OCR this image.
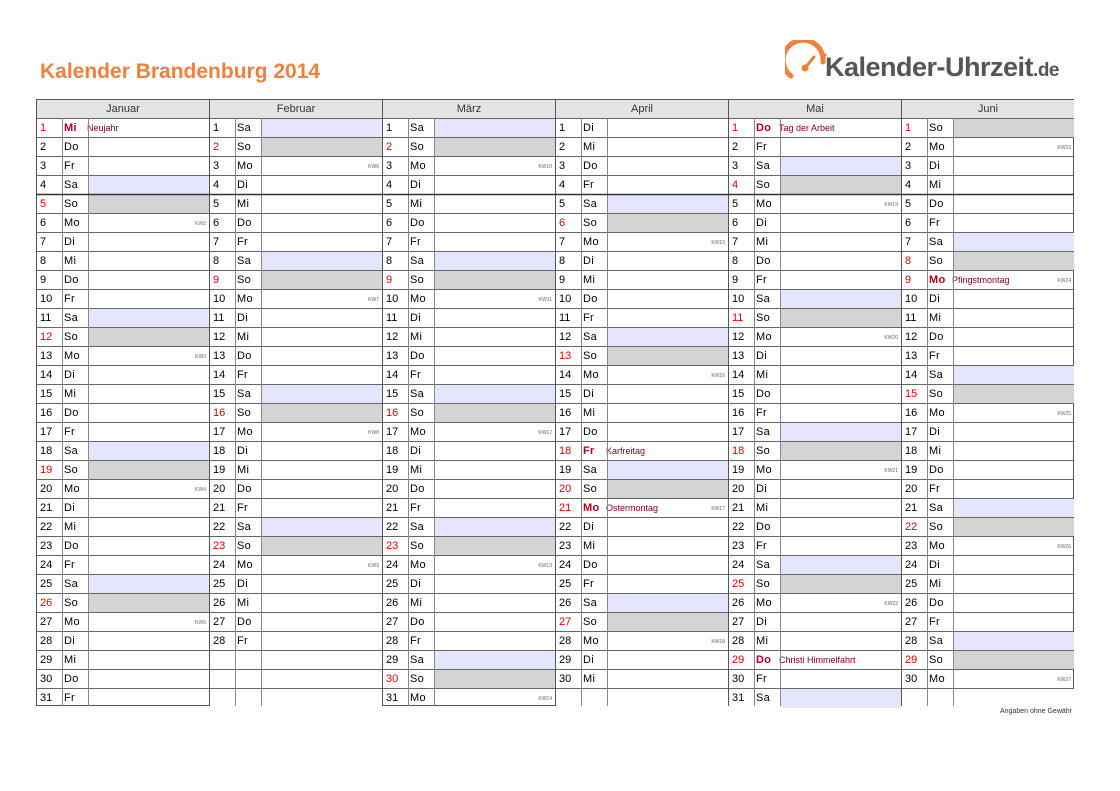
Kalender Brandenburg 2014	Kalender-Uhrzeit.de
Januar
1 Mi Neujahr
2 Do
3 Fr
4 Sa
5 So
6 Mo	KW2
7 Di
8 Mi
9 Do
10 Fr
11 Sa
12 So
13 Mo	KW3
14 Di
15 Mi
16 Do
17 Fr
18 Sa
19 So
20 Mo	KW4
21 Di
22 Mi
23 Do
24 Fr
25 Sa
26 So
27 Mo	KW5
28 Di
29 Mi
30 Do
31 Fr
Februar
1 Sa
2 So
3 Mo	KW6
4 Di
5 Mi
6 Do
7 Fr
8 Sa
9 So
10 Mo	KW7
11 Di
12 Mi
13 Do
14 Fr
15 Sa
16 So
17 Mo	KW8
18 Di
19 Mi
20 Do
21 Fr
22 Sa
23 So
24 Mo	KW9
25 Di
26 Mi
27 Do
28 Fr
März
1 Sa
2 So
3 Mo	KW10
4 Di
5 Mi
6 Do
7 Fr
8 Sa
9 So
10 Mo	KW11
11 Di
12 Mi
13 Do
14 Fr
15 Sa
16 So
17 Mo	KW12
18 Di
19 Mi
20 Do
21 Fr
22 Sa
23 So
24 Mo	KW13
25 Di
26 Mi
27 Do
28 Fr
29 Sa
30 So
31 Mo	KW14
April
1 Di
2 Mi
3 Do
4 Fr
5 Sa
6 So
7 Mo	KW15
8 Di
9 Mi
10 Do
11 Fr
12 Sa
13 So
14 Mo	KW16
15 Di
16 Mi
17 Do
18 Fr Karfreitag
19 Sa
20 So
21 Mo Ostermontag	KW17
22 Di
23 Mi
24 Do
25 Fr
26 Sa
27 So
28 Mo	KW18
29 Di
30 Mi
Mai
1 Do Tag der Arbeit
2 Fr
3 Sa
4 So
5 Mo	KW19
6 Di
7 Mi
8 Do
9 Fr
10 Sa
11 So
12 Mo	KW20
13 Di
14 Mi
15 Do
16 Fr
17 Sa
18 So
19 Mo	KW21
20 Di
21 Mi
22 Do
23 Fr
24 Sa
25 So
26 Mo	KW22
27 Di
28 Mi
29 Do Christi Himmelfahrt
30 Fr
31 Sa
Juni
1 So
2 Mo	KW23
3 Di
4 Mi
5 Do
6 Fr
7 Sa
8 So
9 Mo Pfingstmontag	KW24
10 Di
11 Mi
12 Do
13 Fr
14 Sa
15 So
16 Mo	KW25
17 Di
18 Mi
19 Do
20 Fr
21 Sa
22 So
23 Mo	KW26
24 Di
25 Mi
26 Do
27 Fr
28 Sa
29 So
30 Mo	KW27
Angaben ohne Gewähr
